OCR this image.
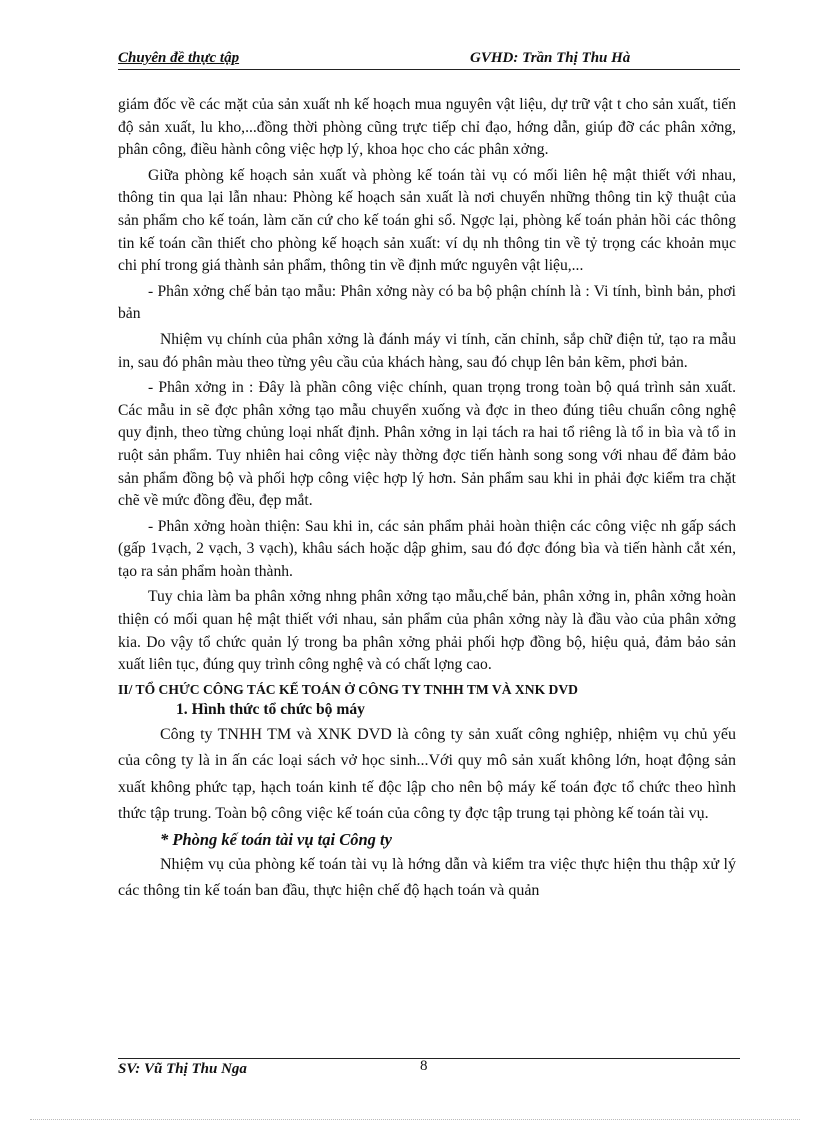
Chuyên đề thực tập	GVHD: Trần Thị Thu Hà

giám đốc về các mặt của sản xuất nh kế hoạch mua nguyên vật liệu, dự trữ vật t cho sản xuất, tiến độ sản xuất, lu kho,...đồng thời phòng cũng trực tiếp chỉ đạo, hớng dẫn, giúp đỡ các phân xởng, phân công, điều hành công việc hợp lý, khoa học cho các phân xởng.

Giữa phòng kế hoạch sản xuất và phòng kế toán tài vụ có mối liên hệ mật thiết với nhau, thông tin qua lại lẫn nhau: Phòng kế hoạch sản xuất là nơi chuyển những thông tin kỹ thuật của sản phẩm cho kế toán, làm căn cứ cho kế toán ghi sổ. Ngợc lại, phòng kế toán phản hồi các thông tin kế toán cần thiết cho phòng kế hoạch sản xuất: ví dụ nh thông tin về tỷ trọng các khoản mục chi phí trong giá thành sản phẩm, thông tin về định mức nguyên vật liệu,...

- Phân xởng chế bản tạo mẫu: Phân xởng này có ba bộ phận chính là : Vi tính, bình bản, phơi bản

Nhiệm vụ chính của phân xởng là đánh máy vi tính, căn chỉnh, sắp chữ điện tử, tạo ra mẫu in, sau đó phân màu theo từng yêu cầu của khách hàng, sau đó chụp lên bản kẽm, phơi bản.

- Phân xởng in : Đây là phần công việc chính, quan trọng trong toàn bộ quá trình sản xuất. Các mẫu in sẽ đợc phân xởng tạo mẫu chuyển xuống và đợc in theo đúng tiêu chuẩn công nghệ quy định, theo từng chủng loại nhất định. Phân xởng in lại tách ra hai tổ riêng là tổ in bìa và tổ in ruột sản phẩm. Tuy nhiên hai công việc này thờng đợc tiến hành song song với nhau để đảm bảo sản phẩm đồng bộ và phối hợp công việc hợp lý hơn. Sản phẩm sau khi in phải đợc kiểm tra chặt chẽ về mức đồng đều, đẹp mắt.

- Phân xởng hoàn thiện: Sau khi in, các sản phẩm phải hoàn thiện các công việc nh gấp sách (gấp 1vạch, 2 vạch, 3 vạch), khâu sách hoặc dập ghim, sau đó đợc đóng bìa và tiến hành cắt xén, tạo ra sản phẩm hoàn thành.

Tuy chia làm ba phân xởng nhng phân xởng tạo mẫu,chế bản, phân xởng in, phân xởng hoàn thiện có mối quan hệ mật thiết với nhau, sản phẩm của phân xởng này là đầu vào của phân xởng kia. Do vậy tổ chức quản lý trong ba phân xởng phải phối hợp đồng bộ, hiệu quả, đảm bảo sản xuất liên tục, đúng quy trình công nghệ và có chất lợng cao.

II/ TỔ CHỨC CÔNG TÁC KẾ TOÁN Ở CÔNG TY TNHH TM VÀ XNK DVD

1. Hình thức tổ chức bộ máy

Công ty TNHH TM và XNK DVD là công ty sản xuất công nghiệp, nhiệm vụ chủ yếu của công ty là in ấn các loại sách vở học sinh...Với quy mô sản xuất không lớn, hoạt động sản xuất không phức tạp, hạch toán kinh tế độc lập cho nên bộ máy kế toán đợc tổ chức theo hình thức tập trung. Toàn bộ công việc kế toán của công ty đợc tập trung tại phòng kế toán tài vụ.

* Phòng kế toán tài vụ tại Công ty

Nhiệm vụ của phòng kế toán tài vụ là hớng dẫn và kiểm tra việc thực hiện thu thập xử lý các thông tin kế toán ban đầu, thực hiện chế độ hạch toán và quản

SV: Vũ Thị Thu Nga	8
